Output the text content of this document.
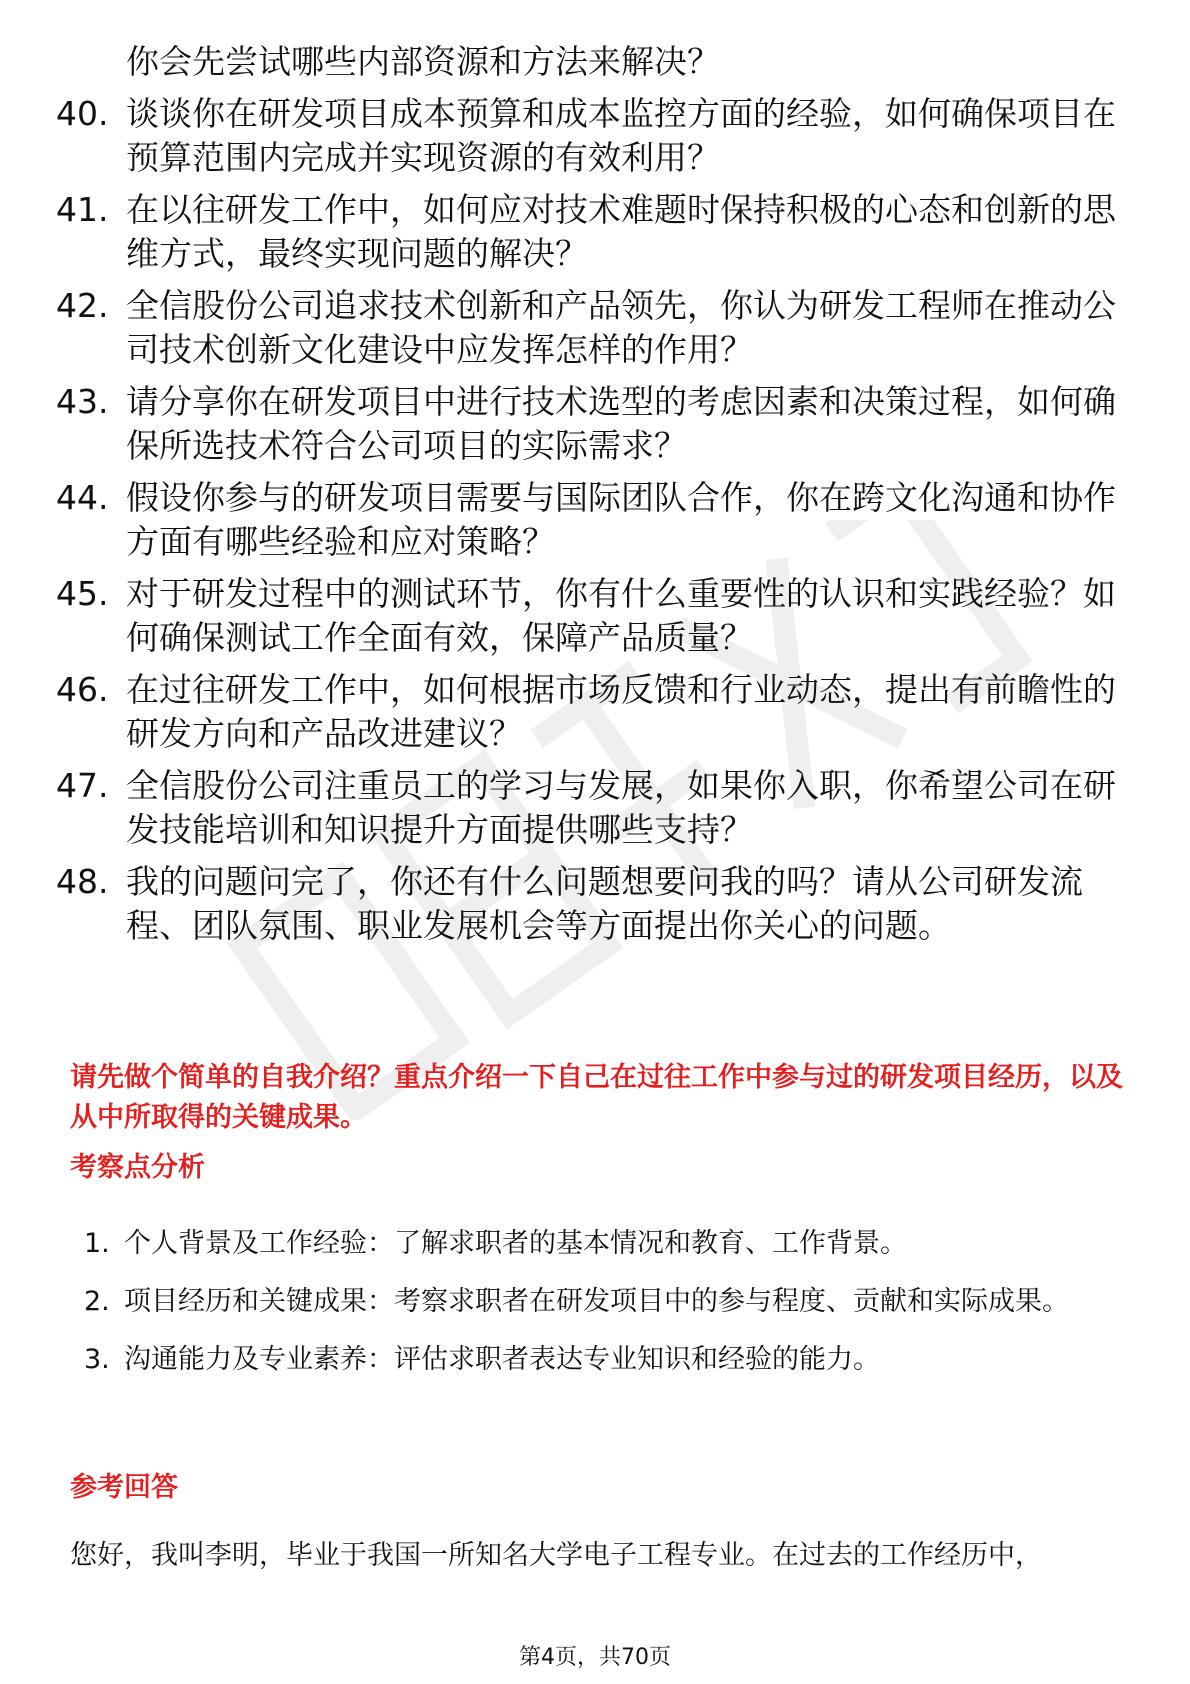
你会先尝试哪些内部资源和方法来解决？
40. 谈谈你在研发项目成本预算和成本监控方面的经验，如何确保项目在预算范围内完成并实现资源的有效利用？
41. 在以往研发工作中，如何应对技术难题时保持积极的心态和创新的思维方式，最终实现问题的解决？
42. 全信股份公司追求技术创新和产品领先，你认为研发工程师在推动公司技术创新文化建设中应发挥怎样的作用？
43. 请分享你在研发项目中进行技术选型的考虑因素和决策过程，如何确保所选技术符合公司项目的实际需求？
44. 假设你参与的研发项目需要与国际团队合作，你在跨文化沟通和协作方面有哪些经验和应对策略？
45. 对于研发过程中的测试环节，你有什么重要性的认识和实践经验？如何确保测试工作全面有效，保障产品质量？
46. 在过往研发工作中，如何根据市场反馈和行业动态，提出有前瞻性的研发方向和产品改进建议？
47. 全信股份公司注重员工的学习与发展，如果你入职，你希望公司在研发技能培训和知识提升方面提供哪些支持？
48. 我的问题问完了，你还有什么问题想要问我的吗？请从公司研发流程、团队氛围、职业发展机会等方面提出你关心的问题。
请先做个简单的自我介绍？重点介绍一下自己在过往工作中参与过的研发项目经历，以及从中所取得的关键成果。
考察点分析
1. 个人背景及工作经验：了解求职者的基本情况和教育、工作背景。
2. 项目经历和关键成果：考察求职者在研发项目中的参与程度、贡献和实际成果。
3. 沟通能力及专业素养：评估求职者表达专业知识和经验的能力。
参考回答
您好，我叫李明，毕业于我国一所知名大学电子工程专业。在过去的工作经历中，
第4页，共70页
